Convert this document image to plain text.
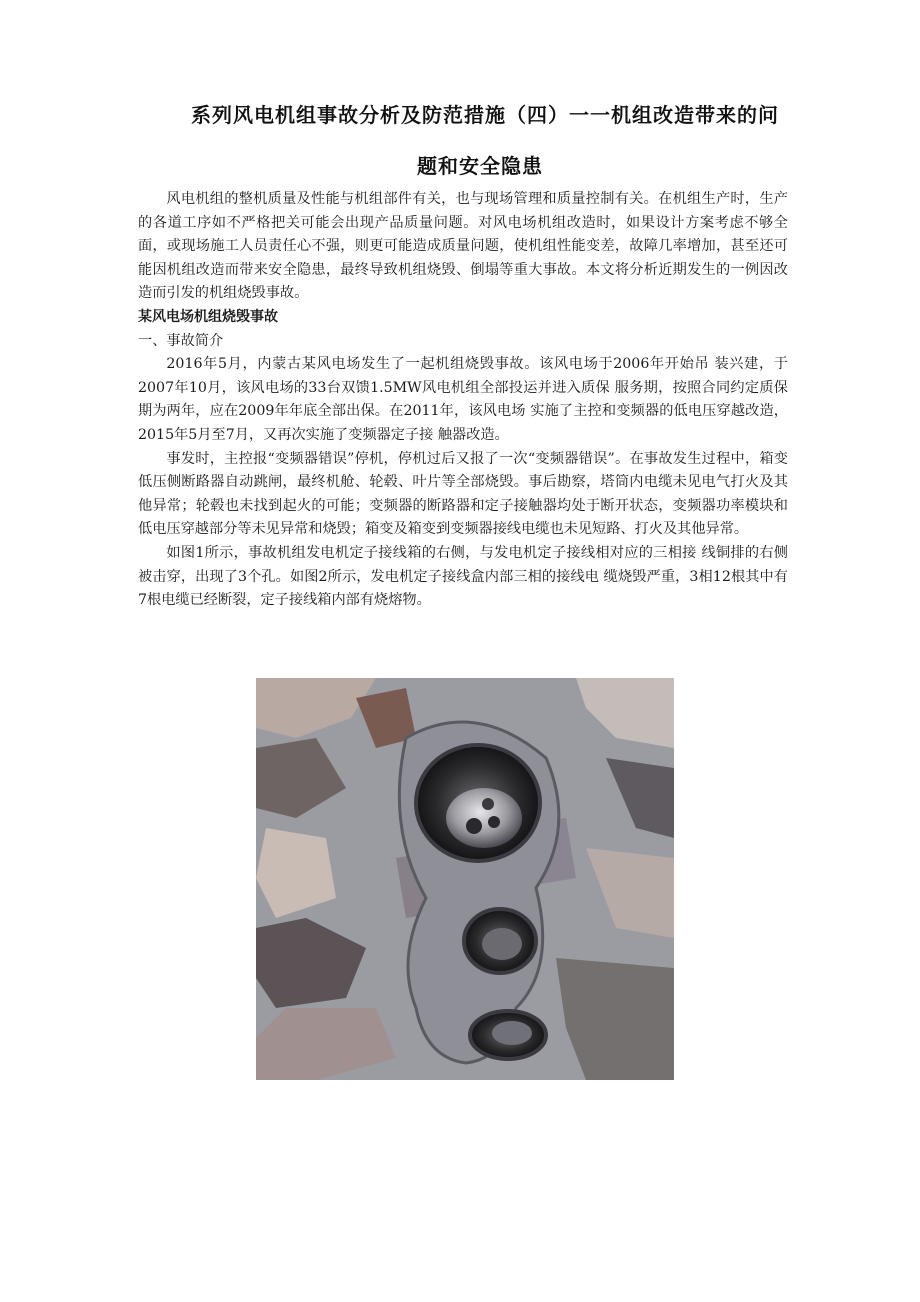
系列风电机组事故分析及防范措施（四）一一机组改造带来的问
题和安全隐患

风电机组的整机质量及性能与机组部件有关，也与现场管理和质量控制有关。在机组生产时，生产的各道工序如不严格把关可能会出现产品质量问题。对风电场机组改造时，如果设计方案考虑不够全面，或现场施工人员责任心不强，则更可能造成质量问题，使机组性能变差，故障几率增加，甚至还可能因机组改造而带来安全隐患，最终导致机组烧毁、倒塌等重大事故。本文将分析近期发生的一例因改造而引发的机组烧毁事故。

某风电场机组烧毁事故

一、事故简介

2016年5月，内蒙古某风电场发生了一起机组烧毁事故。该风电场于2006年开始吊 装兴建，于2007年10月，该风电场的33台双馈1.5MW风电机组全部投运并进入质保 服务期，按照合同约定质保期为两年，应在2009年年底全部出保。在2011年，该风电场 实施了主控和变频器的低电压穿越改造，2015年5月至7月，又再次实施了变频器定子接 触器改造。

事发时，主控报“变频器错误”停机，停机过后又报了一次“变频器错误”。在事故发生过程中，箱变低压侧断路器自动跳闸，最终机舱、轮毂、叶片等全部烧毁。事后勘察，塔筒内电缆未见电气打火及其他异常；轮毂也未找到起火的可能；变频器的断路器和定子接触器均处于断开状态，变频器功率模块和低电压穿越部分等未见异常和烧毁；箱变及箱变到变频器接线电缆也未见短路、打火及其他异常。

如图1所示，事故机组发电机定子接线箱的右侧，与发电机定子接线相对应的三相接 线铜排的右侧被击穿，出现了3个孔。如图2所示，发电机定子接线盒内部三相的接线电 缆烧毁严重，3相12根其中有7根电缆已经断裂，定子接线箱内部有烧熔物。
